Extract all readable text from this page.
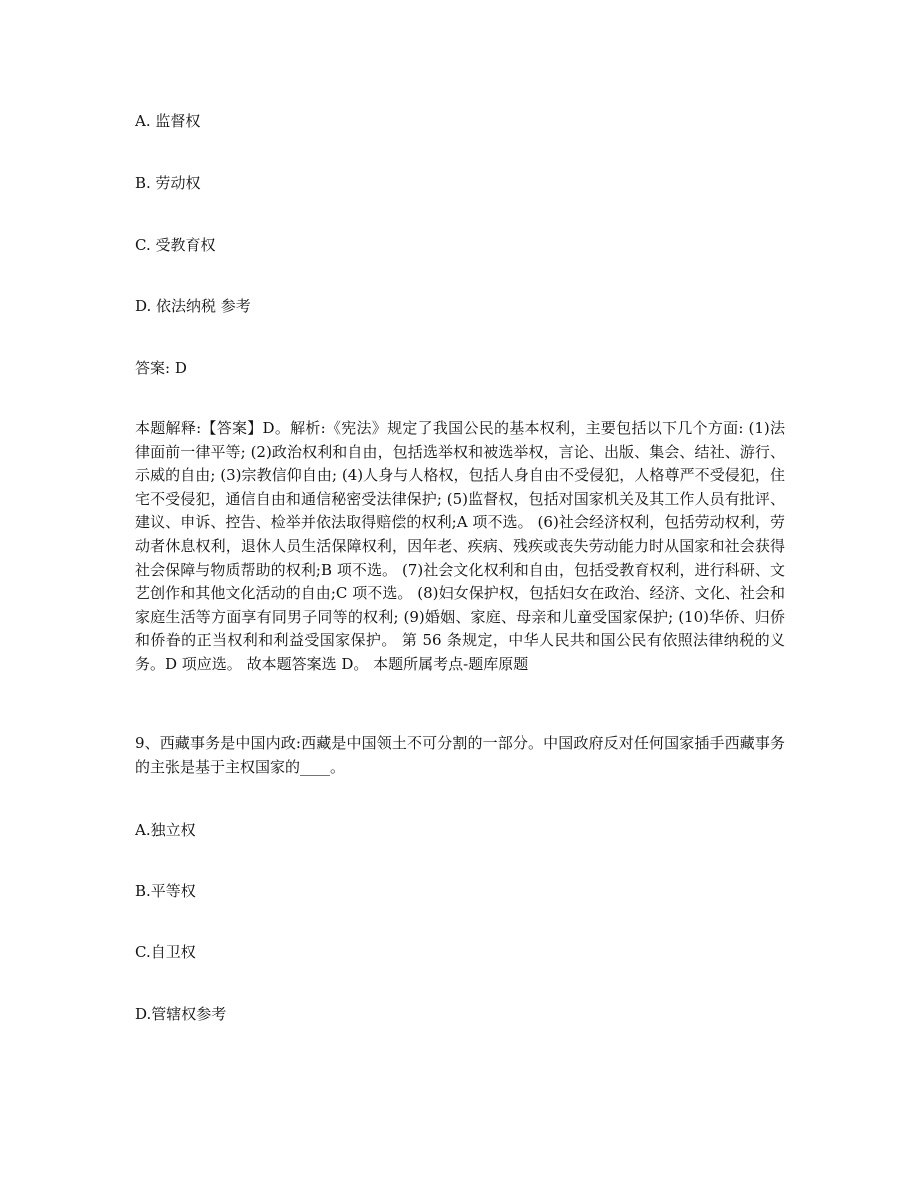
A. 监督权
B. 劳动权
C. 受教育权
D. 依法纳税 参考
答案: D
本题解释:【答案】D。解析:《宪法》规定了我国公民的基本权利，主要包括以下几个方面: (1)法律面前一律平等; (2)政治权利和自由，包括选举权和被选举权，言论、出版、集会、结社、游行、示威的自由; (3)宗教信仰自由; (4)人身与人格权，包括人身自由不受侵犯，人格尊严不受侵犯，住宅不受侵犯，通信自由和通信秘密受法律保护; (5)监督权，包括对国家机关及其工作人员有批评、建议、申诉、控告、检举并依法取得赔偿的权利;A 项不选。 (6)社会经济权利，包括劳动权利，劳动者休息权利，退休人员生活保障权利，因年老、疾病、残疾或丧失劳动能力时从国家和社会获得社会保障与物质帮助的权利;B 项不选。 (7)社会文化权利和自由，包括受教育权利，进行科研、文艺创作和其他文化活动的自由;C 项不选。 (8)妇女保护权，包括妇女在政治、经济、文化、社会和家庭生活等方面享有同男子同等的权利; (9)婚姻、家庭、母亲和儿童受国家保护; (10)华侨、归侨和侨眷的正当权利和利益受国家保护。 第 56 条规定，中华人民共和国公民有依照法律纳税的义务。D 项应选。 故本题答案选 D。 本题所属考点-题库原题
9、西藏事务是中国内政:西藏是中国领土不可分割的一部分。中国政府反对任何国家插手西藏事务的主张是基于主权国家的____。
A.独立权
B.平等权
C.自卫权
D.管辖权参考
